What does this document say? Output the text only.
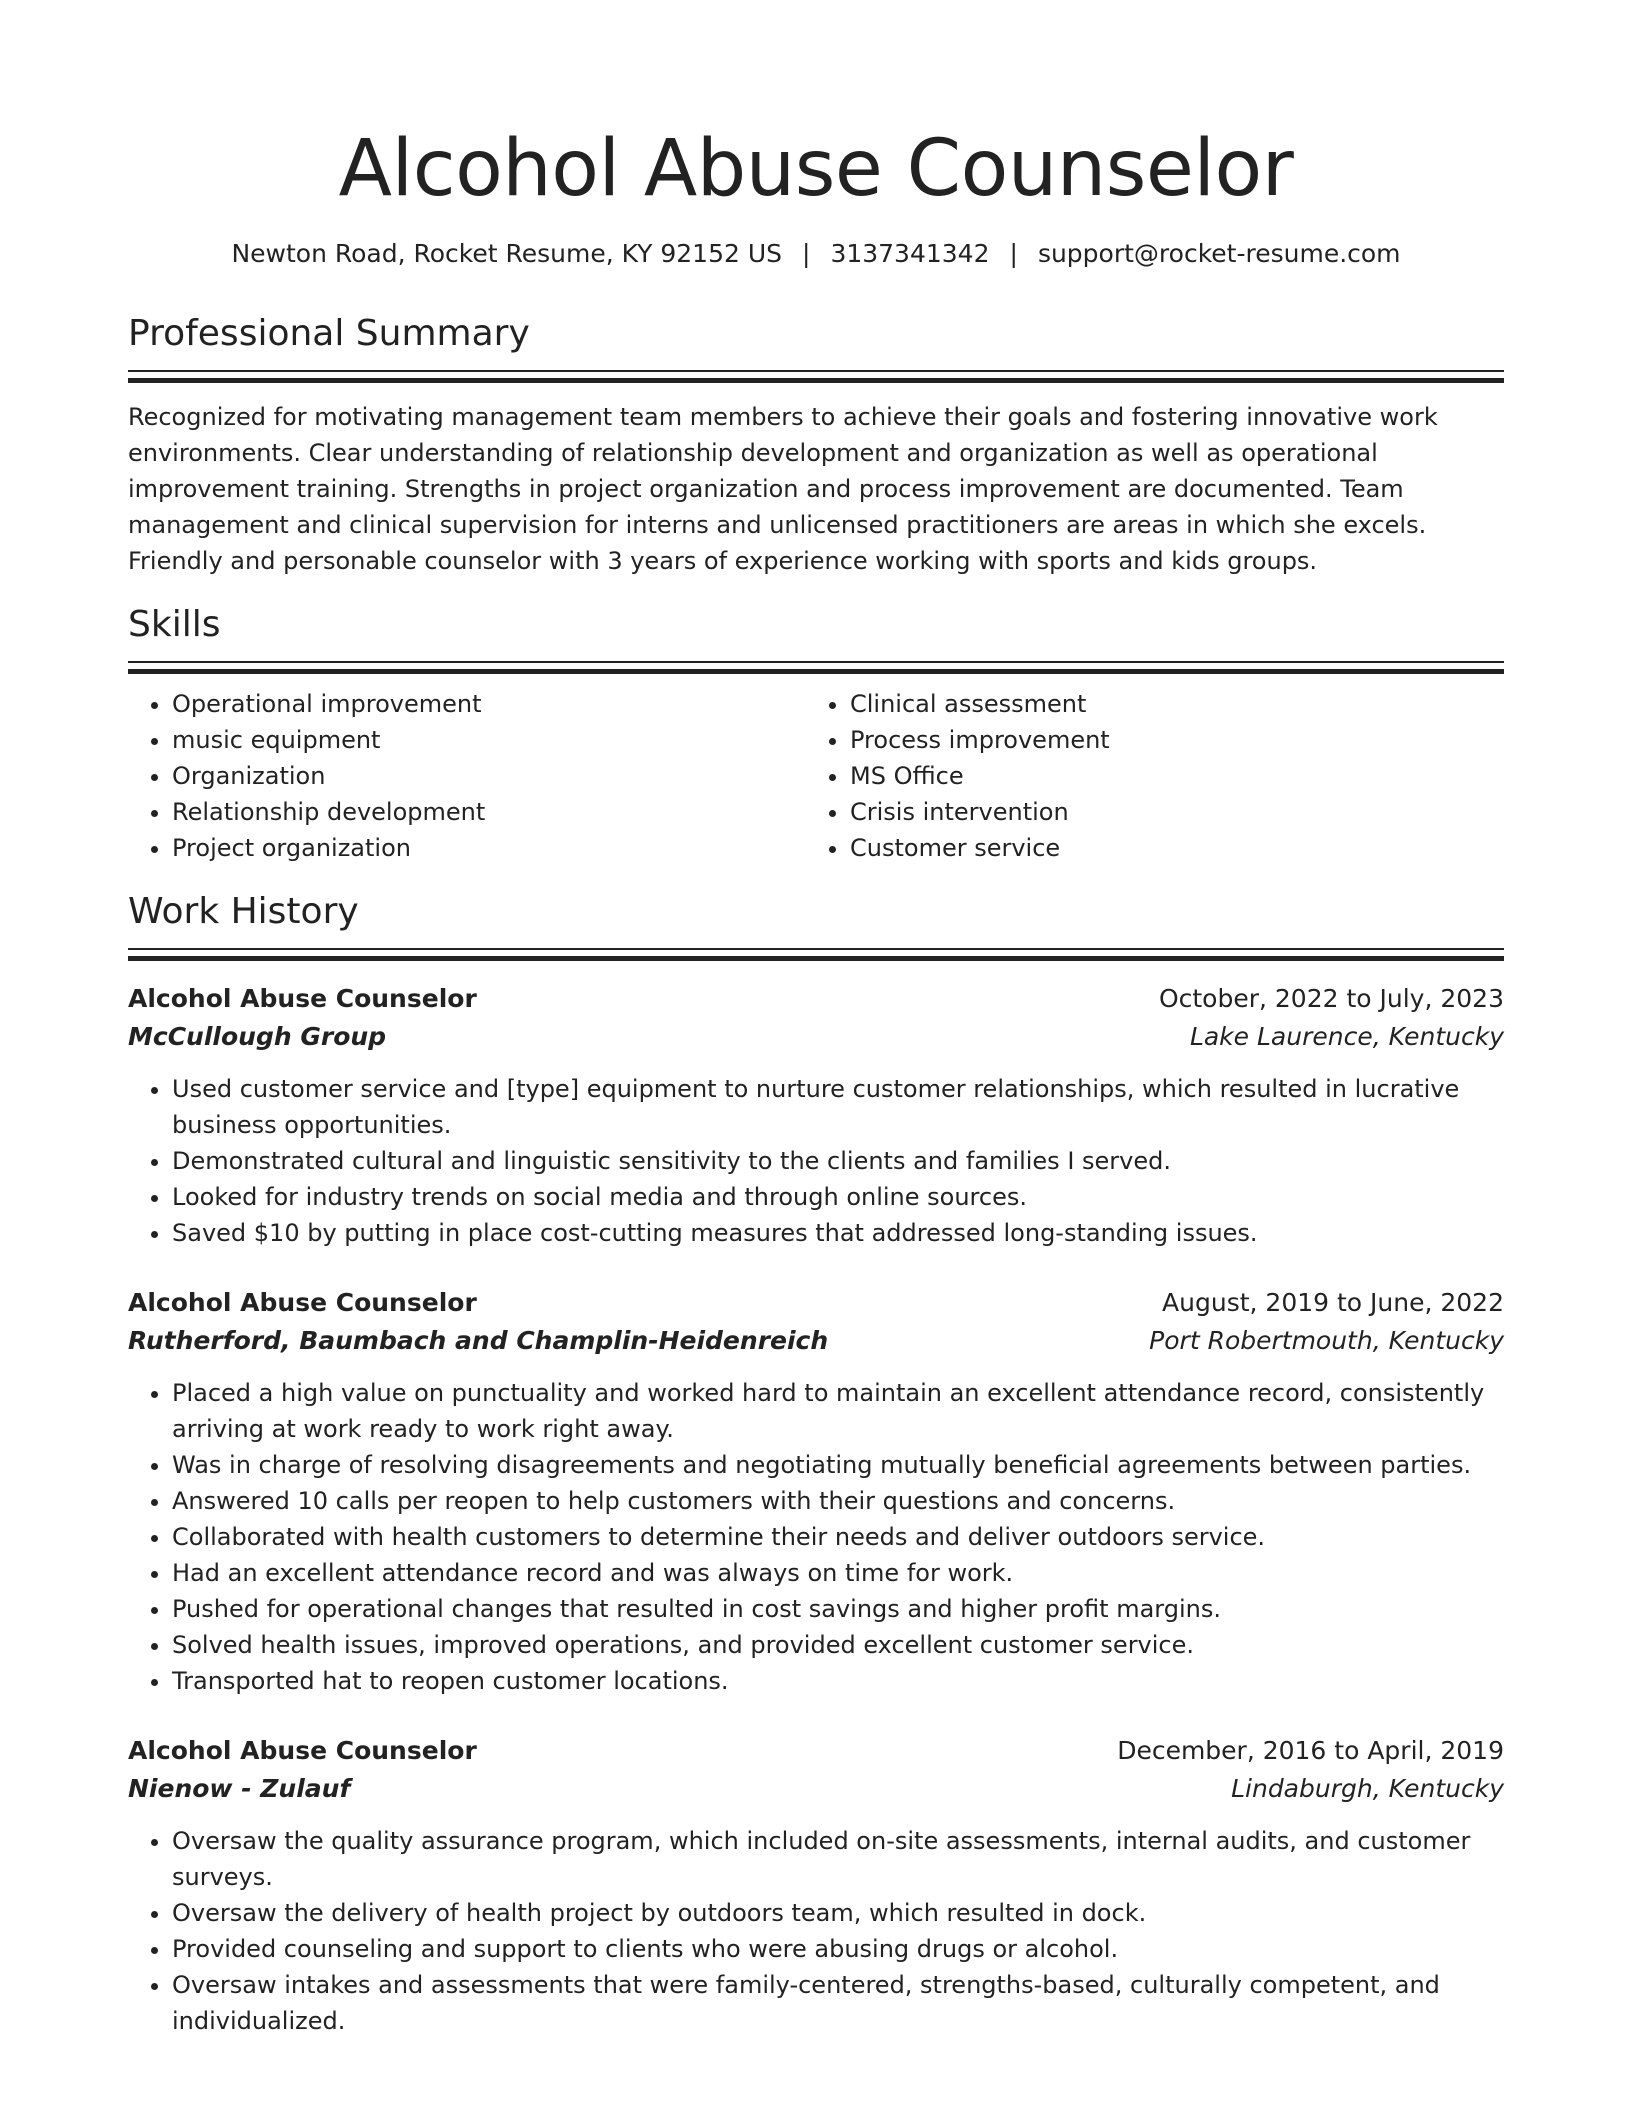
Alcohol Abuse Counselor
Newton Road, Rocket Resume, KY 92152 US | 3137341342 | support@rocket-resume.com
Professional Summary
Recognized for motivating management team members to achieve their goals and fostering innovative work environments. Clear understanding of relationship development and organization as well as operational improvement training. Strengths in project organization and process improvement are documented. Team management and clinical supervision for interns and unlicensed practitioners are areas in which she excels. Friendly and personable counselor with 3 years of experience working with sports and kids groups.
Skills
• Operational improvement
• music equipment
• Organization
• Relationship development
• Project organization
• Clinical assessment
• Process improvement
• MS Office
• Crisis intervention
• Customer service
Work History
Alcohol Abuse Counselor	October, 2022 to July, 2023
McCullough Group	Lake Laurence, Kentucky
• Used customer service and [type] equipment to nurture customer relationships, which resulted in lucrative business opportunities.
• Demonstrated cultural and linguistic sensitivity to the clients and families I served.
• Looked for industry trends on social media and through online sources.
• Saved $10 by putting in place cost-cutting measures that addressed long-standing issues.
Alcohol Abuse Counselor	August, 2019 to June, 2022
Rutherford, Baumbach and Champlin-Heidenreich	Port Robertmouth, Kentucky
• Placed a high value on punctuality and worked hard to maintain an excellent attendance record, consistently arriving at work ready to work right away.
• Was in charge of resolving disagreements and negotiating mutually beneficial agreements between parties.
• Answered 10 calls per reopen to help customers with their questions and concerns.
• Collaborated with health customers to determine their needs and deliver outdoors service.
• Had an excellent attendance record and was always on time for work.
• Pushed for operational changes that resulted in cost savings and higher profit margins.
• Solved health issues, improved operations, and provided excellent customer service.
• Transported hat to reopen customer locations.
Alcohol Abuse Counselor	December, 2016 to April, 2019
Nienow - Zulauf	Lindaburgh, Kentucky
• Oversaw the quality assurance program, which included on-site assessments, internal audits, and customer surveys.
• Oversaw the delivery of health project by outdoors team, which resulted in dock.
• Provided counseling and support to clients who were abusing drugs or alcohol.
• Oversaw intakes and assessments that were family-centered, strengths-based, culturally competent, and individualized.
